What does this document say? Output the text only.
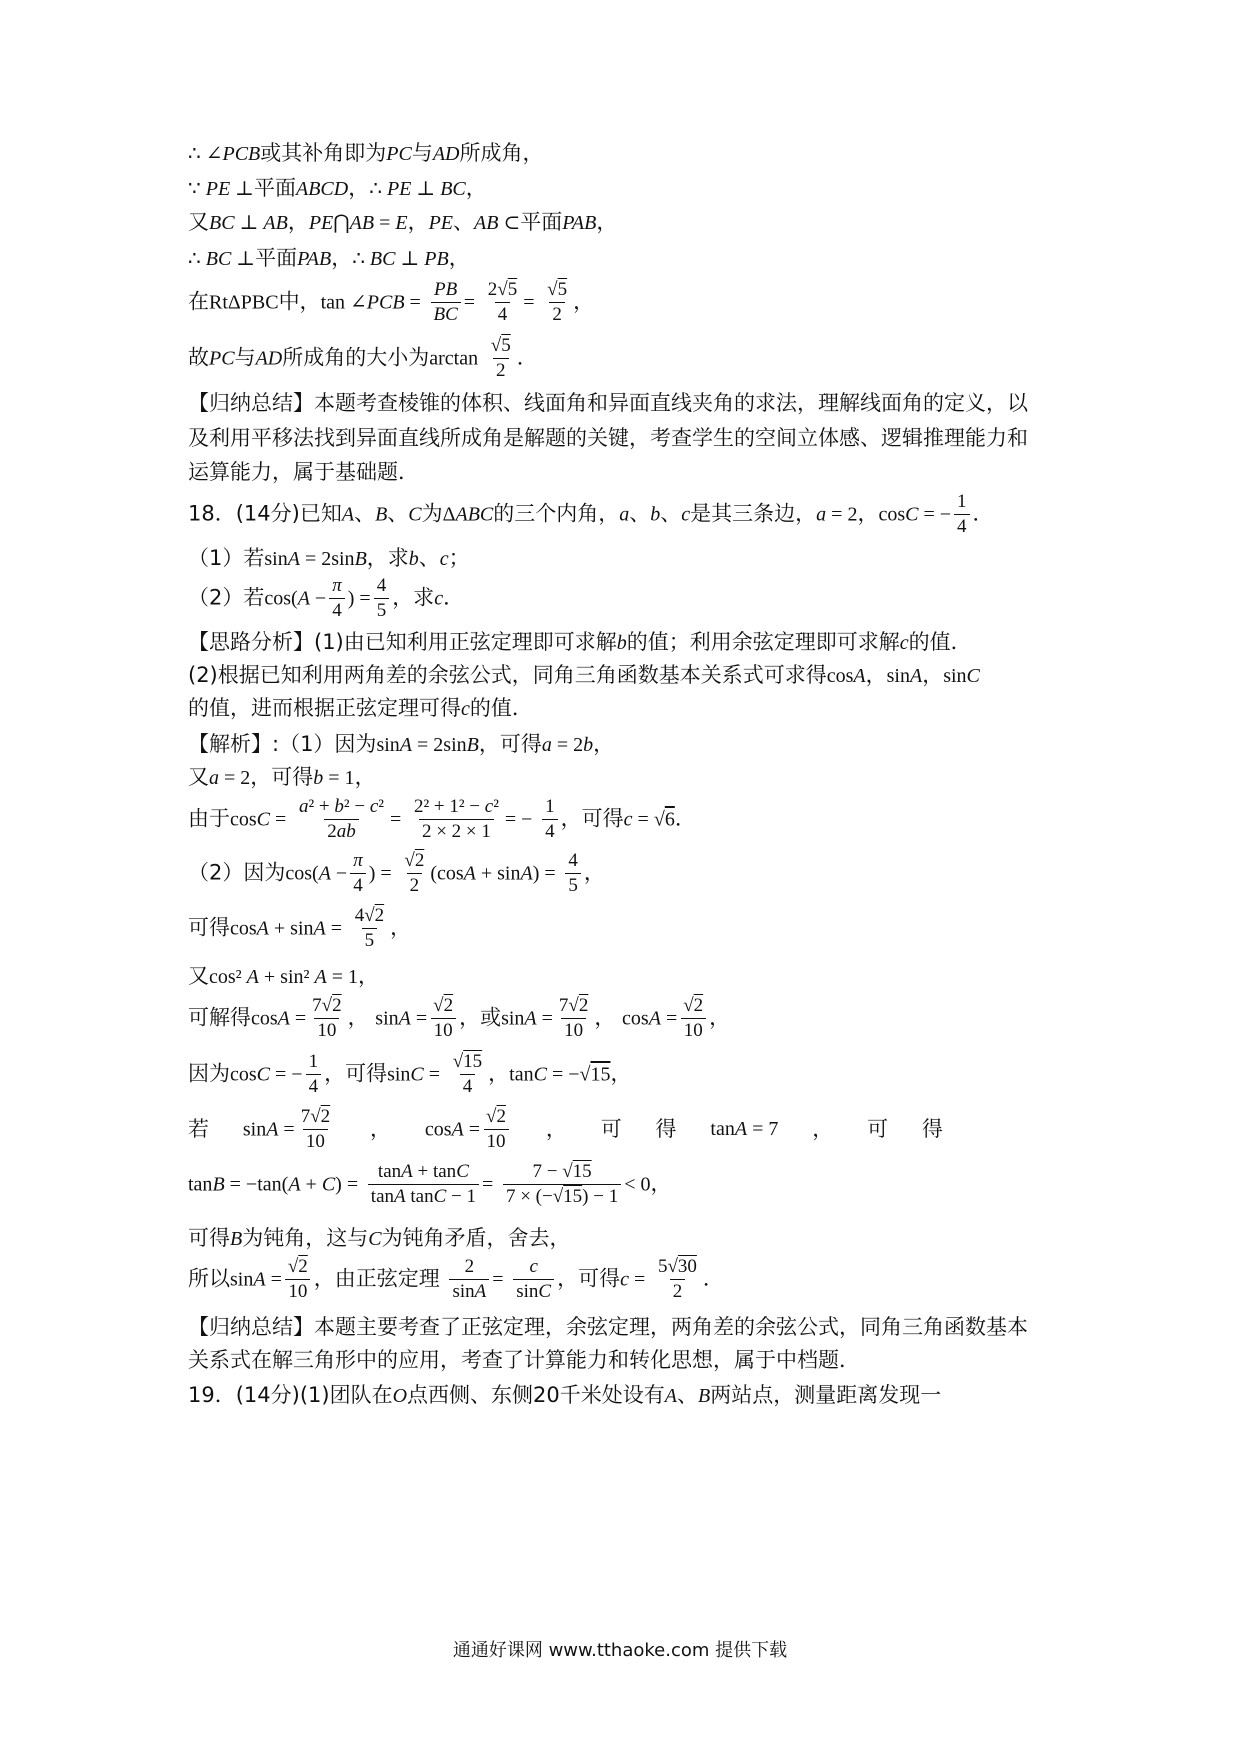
∴ ∠PCB或其补角即为PC与AD所成角，
∵ PE ⊥平面ABCD，∴ PE ⊥ BC，
又BC ⊥ AB，PE⋂AB = E，PE、AB ⊂平面PAB，
∴ BC ⊥平面PAB，∴ BC ⊥ PB，
在RtΔPBC中，tan ∠PCB = $\frac{PB}{BC} = \frac{2√5}{4} = \frac{√5}{2}$ ，
故PC与AD所成角的大小为$\arctan \frac{√5}{2}$ ．
【归纳总结】本题考查棱锥的体积、线面角和异面直线夹角的求法，理解线面角的定义，以
及利用平移法找到异面直线所成角是解题的关键，考查学生的空间立体感、逻辑推理能力和
运算能力，属于基础题．
18．(14分)已知A、B、C为ΔABC的三个内角，a、b、c是其三条边，a = 2，cosC = − $\frac{1}{4}$ ．
（1）若sinA = 2sinB，求b、c；
（2）若$\cos(A - \frac{\pi}{4}$ ) = $\frac{4}{5}$ ，求c．
【思路分析】(1)由已知利用正弦定理即可求解b的值；利用余弦定理即可求解c的值．
(2)根据已知利用两角差的余弦公式，同角三角函数基本关系式可求得cosA，sinA，sinC
的值，进而根据正弦定理可得c的值．
【解析】:（1）因为sinA = 2sinB，可得a = 2b，
又a = 2，可得b = 1，
由于$\cos C = \frac{\text{a² + b² − c²}}{2ab} = \frac{\text{2² + 1² − c²}}{2 \times 2 \times 1}$ = − $\frac{1}{4}$ ，可得c = √6．
（2）因为$\cos(A - \frac{\pi}{4}$ ) = $\frac{√2}{2} (\cos A + \sin A) = \frac{4}{5}$ ，
可得$\cos A + \sin A = \frac{4√2}{5}$ ，
又cos² A + sin² A = 1，
可解得$\cos A = \frac{7√2}{10}$ ， $\sin A = \frac{√2}{10}$ ，或$\sin A = \frac{7√2}{10}$ ， $\cos A = \frac{√2}{10}$ ，
因为cosC = − $\frac{1}{4}$ ，可得$\sin C = \frac{√15}{4}$ ，tanC = −√15，
若 $\sin A = \frac{7√2}{10}$ ， $\cos A = \frac{√2}{10}$ ， 可 得 tanA = 7 ， 可 得
$\tan B = -\tan(A + C) = \frac{\tan A + \tan C}{\text{tanA tanC − 1}} = \frac{7 - √15}{7 \times (-√15) - 1} < 0$，
可得B为钝角，这与C为钝角矛盾，舍去，
所以$\sin A = \frac{√2}{10}$ ，由正弦定理 $\frac{2}{\sin A} = \frac{c}{\sin C}$ ，可得$c = \frac{5√30}{2}$ ．
【归纳总结】本题主要考查了正弦定理，余弦定理，两角差的余弦公式，同角三角函数基本
关系式在解三角形中的应用，考查了计算能力和转化思想，属于中档题．
19．(14分)(1)团队在O点西侧、东侧20千米处设有A、B两站点，测量距离发现一
通通好课网 www.tthaoke.com 提供下载
